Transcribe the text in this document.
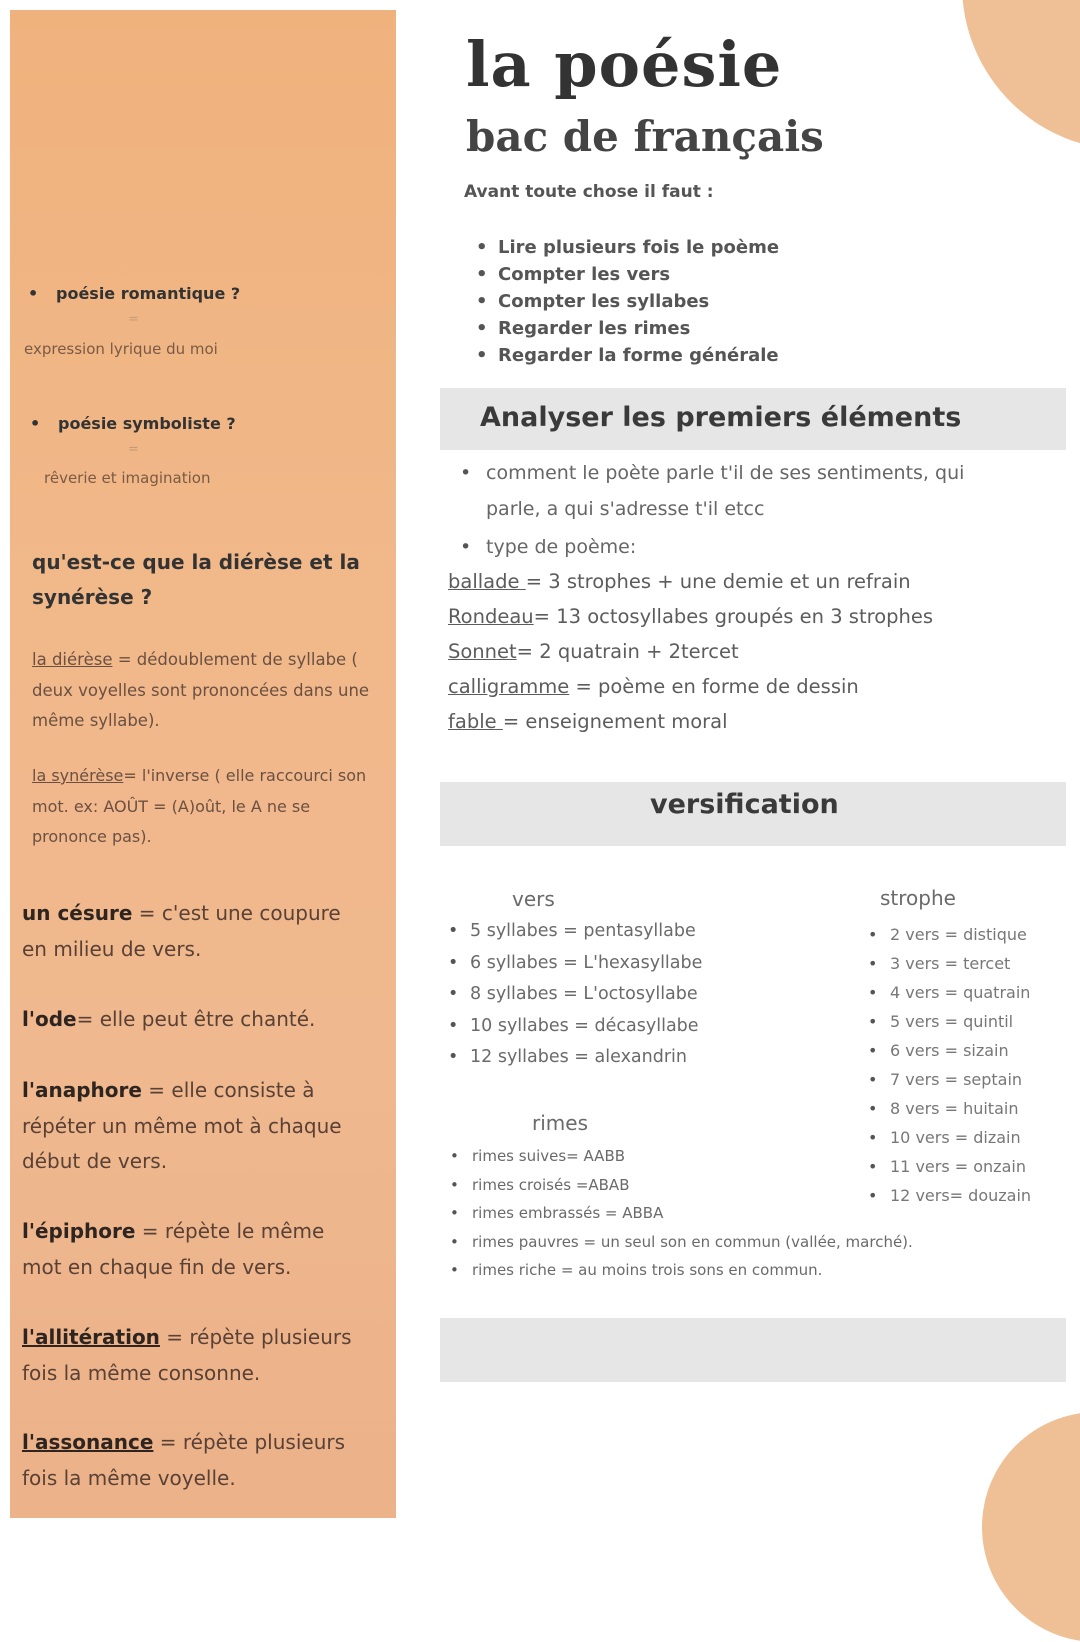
• poésie romantique ?
=
expression lyrique du moi
• poésie symboliste ?
=
rêverie et imagination
qu'est-ce que la diérèse et la
synérèse ?
la diérèse = dédoublement de syllabe ( deux voyelles sont prononcées dans une même syllabe).
la synérèse= l'inverse ( elle raccourci son mot. ex: AOÛT = (A)oût, le A ne se prononce pas).
un césure = c'est une coupure en milieu de vers.
l'ode= elle peut être chanté.
l'anaphore = elle consiste à répéter un même mot à chaque début de vers.
l'épiphore = répète le même mot en chaque fin de vers.
l'allitération = répète plusieurs fois la même consonne.
l'assonance = répète plusieurs fois la même voyelle.
la poésie
bac de français
Avant toute chose il faut :
• Lire plusieurs fois le poème
• Compter les vers
• Compter les syllabes
• Regarder les rimes
• Regarder la forme générale
Analyser les premiers éléments
•
comment le poète parle t'il de ses sentiments, qui parle, a qui s'adresse t'il etcc
• type de poème:
ballade = 3 strophes + une demie et un refrain
Rondeau= 13 octosyllabes groupés en 3 strophes
Sonnet= 2 quatrain + 2tercet
calligramme = poème en forme de dessin
fable = enseignement moral
versification
vers
• 5 syllabes = pentasyllabe
• 6 syllabes = L'hexasyllabe
• 8 syllabes = L'octosyllabe
• 10 syllabes = décasyllabe
• 12 syllabes = alexandrin
strophe
• 2 vers = distique
• 3 vers = tercet
• 4 vers = quatrain
• 5 vers = quintil
• 6 vers = sizain
• 7 vers = septain
• 8 vers = huitain
• 10 vers = dizain
• 11 vers = onzain
• 12 vers= douzain
rimes
• rimes suives= AABB
• rimes croisés =ABAB
• rimes embrassés = ABBA
• rimes pauvres = un seul son en commun (vallée, marché).
• rimes riche = au moins trois sons en commun.
